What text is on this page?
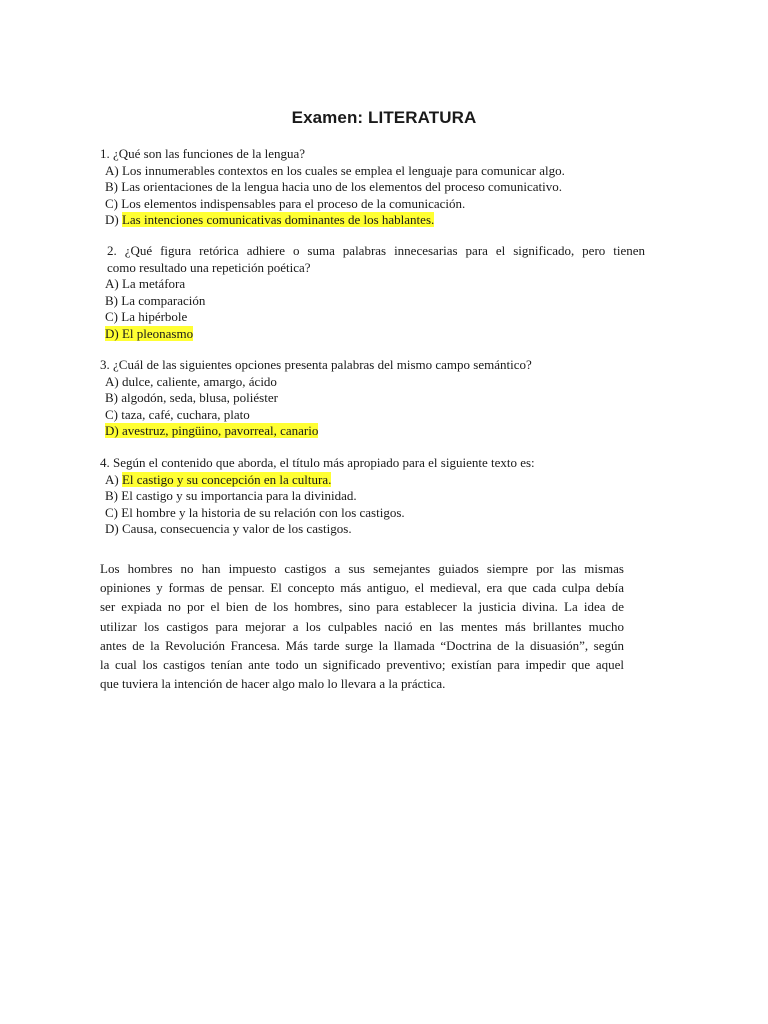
Examen: LITERATURA
1. ¿Qué son las funciones de la lengua?
A) Los innumerables contextos en los cuales se emplea el lenguaje para comunicar algo.
B) Las orientaciones de la lengua hacia uno de los elementos del proceso comunicativo.
C) Los elementos indispensables para el proceso de la comunicación.
D) Las intenciones comunicativas dominantes de los hablantes.
2. ¿Qué figura retórica adhiere o suma palabras innecesarias para el significado, pero tienen
como resultado una repetición poética?
A) La metáfora
B) La comparación
C) La hipérbole
D) El pleonasmo
3. ¿Cuál de las siguientes opciones presenta palabras del mismo campo semántico?
A) dulce, caliente, amargo, ácido
B) algodón, seda, blusa, poliéster
C) taza, café, cuchara, plato
D) avestruz, pingüino, pavorreal, canario
4. Según el contenido que aborda, el título más apropiado para el siguiente texto es:
A) El castigo y su concepción en la cultura.
B) El castigo y su importancia para la divinidad.
C) El hombre y la historia de su relación con los castigos.
D) Causa, consecuencia y valor de los castigos.
Los hombres no han impuesto castigos a sus semejantes guiados siempre por las mismas
opiniones y formas de pensar. El concepto más antiguo, el medieval, era que cada culpa debía
ser expiada no por el bien de los hombres, sino para establecer la justicia divina. La idea de
utilizar los castigos para mejorar a los culpables nació en las mentes más brillantes mucho
antes de la Revolución Francesa. Más tarde surge la llamada “Doctrina de la disuasión”, según
la cual los castigos tenían ante todo un significado preventivo; existían para impedir que aquel
que tuviera la intención de hacer algo malo lo llevara a la práctica.
